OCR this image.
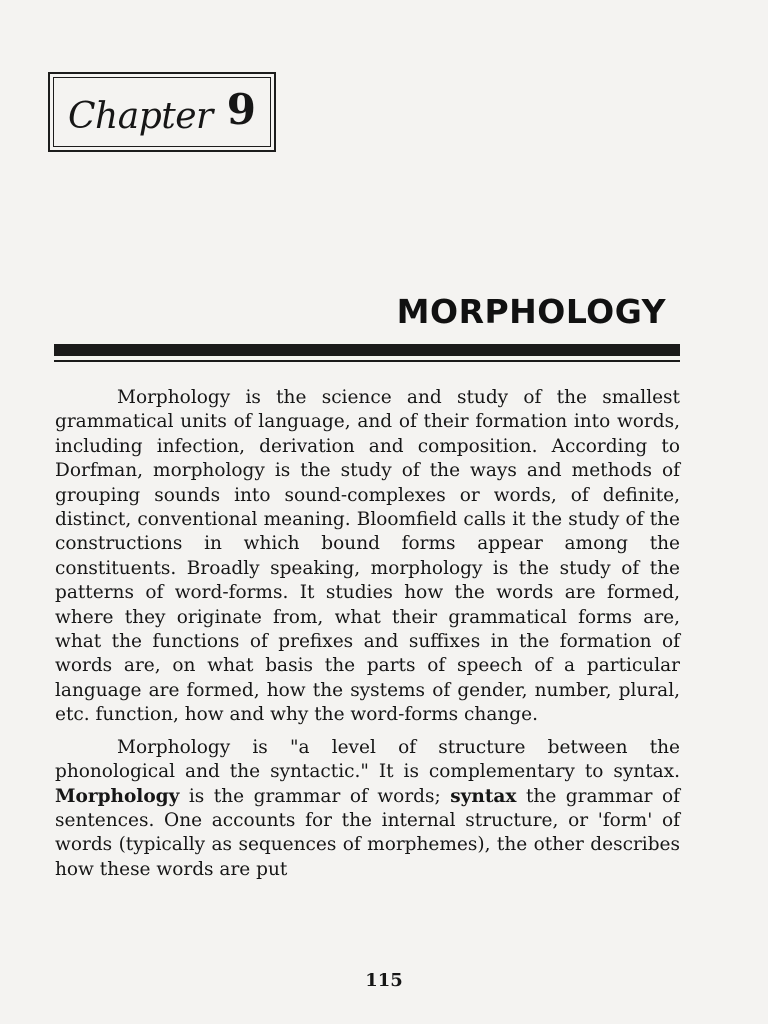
Chapter 9
MORPHOLOGY

Morphology is the science and study of the smallest grammatical units of language, and of their formation into words, including infection, derivation and composition. According to Dorfman, morphology is the study of the ways and methods of grouping sounds into sound-complexes or words, of definite, distinct, conventional meaning. Bloomfield calls it the study of the constructions in which bound forms appear among the constituents. Broadly speaking, morphology is the study of the patterns of word-forms. It studies how the words are formed, where they originate from, what their grammatical forms are, what the functions of prefixes and suffixes in the formation of words are, on what basis the parts of speech of a particular language are formed, how the systems of gender, number, plural, etc. function, how and why the word-forms change.

Morphology is "a level of structure between the phonological and the syntactic." It is complementary to syntax. Morphology is the grammar of words; syntax the grammar of sentences. One accounts for the internal structure, or 'form' of words (typically as sequences of morphemes), the other describes how these words are put

115
